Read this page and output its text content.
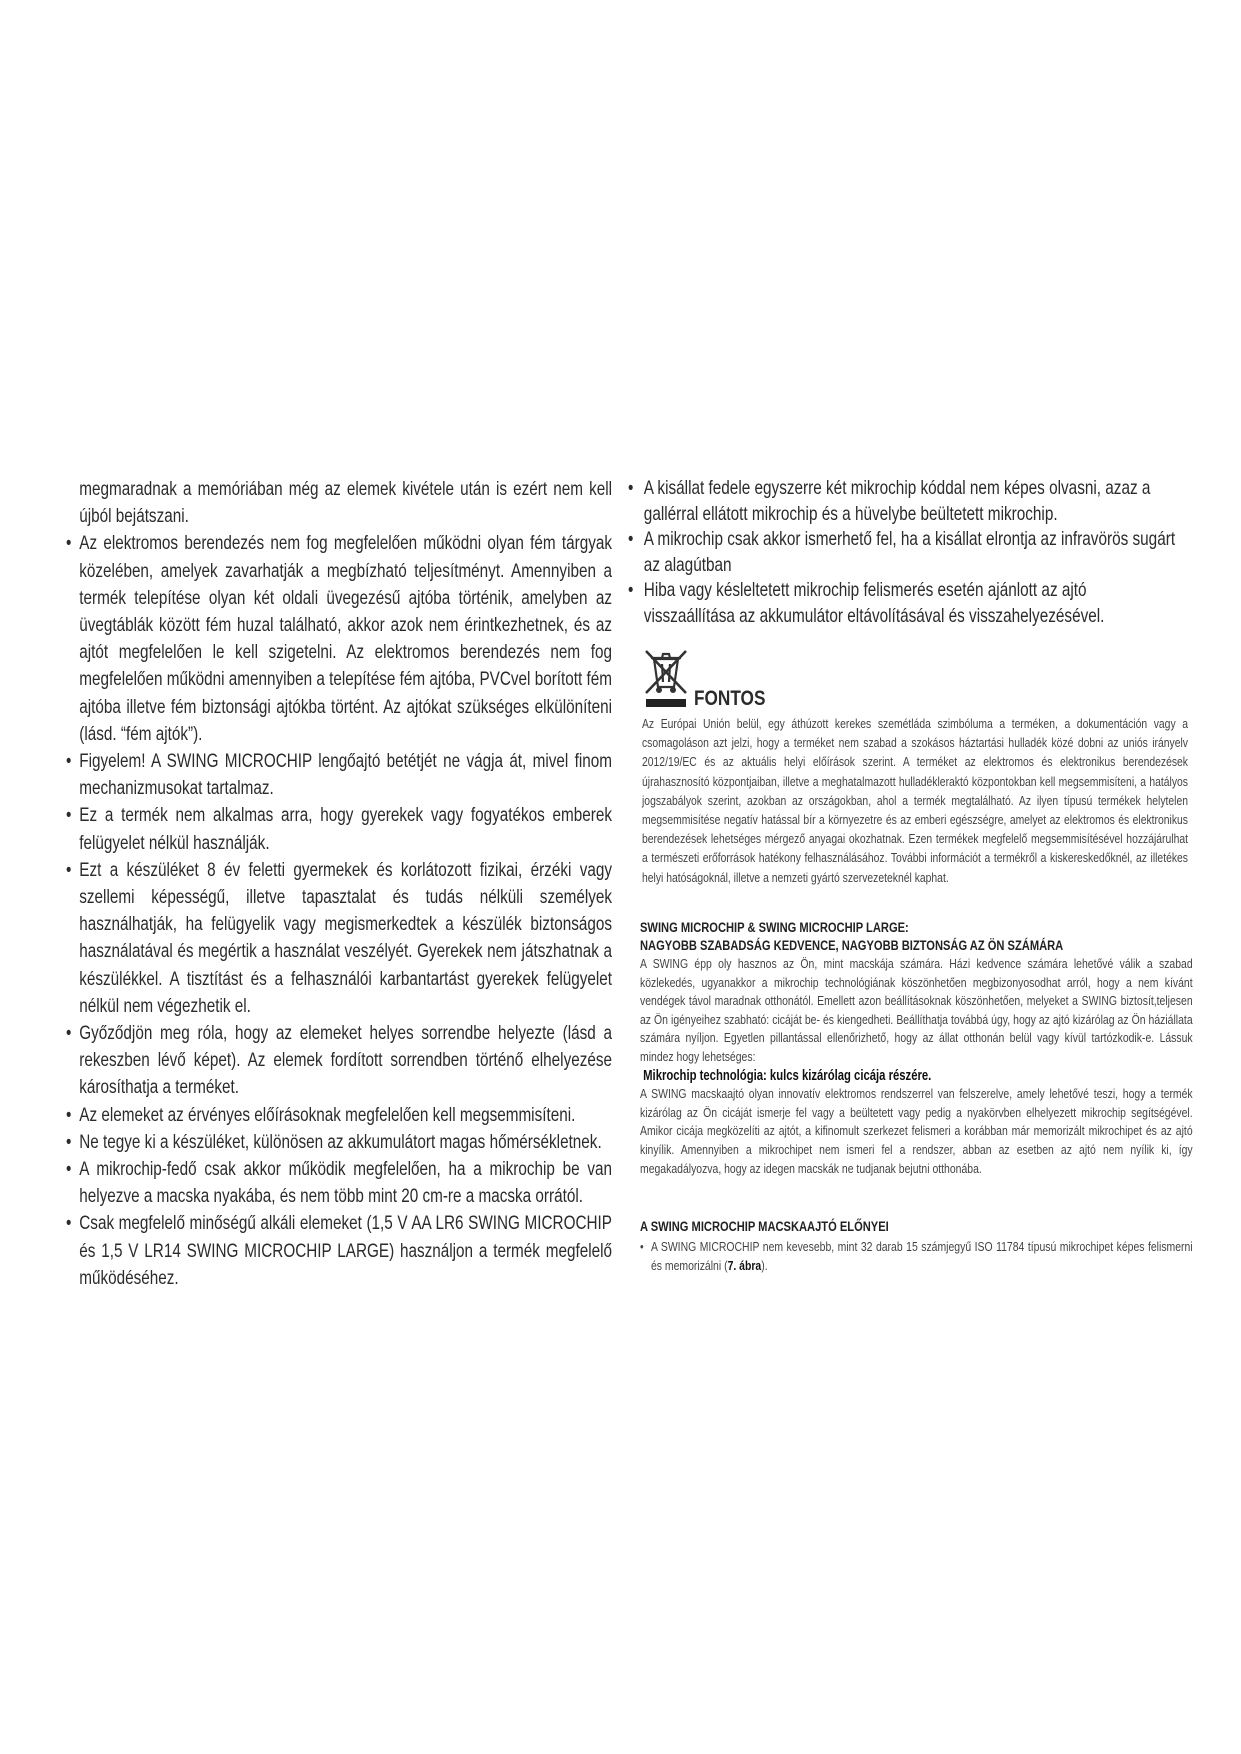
megmaradnak a memóriában még az elemek kivétele után is ezért nem kell újból bejátszani.
• Az elektromos berendezés nem fog megfelelően működni olyan fém tárgyak közelében, amelyek zavarhatják a megbízható teljesítményt. Amennyiben a termék telepítése olyan két oldali üvegezésű ajtóba történik, amelyben az üvegtáblák között fém huzal található, akkor azok nem érintkezhetnek, és az ajtót megfelelően le kell szigetelni. Az elektromos berendezés nem fog megfelelően működni amennyiben a telepítése fém ajtóba, PVCvel borított fém ajtóba illetve fém biztonsági ajtókba történt. Az ajtókat szükséges elkülöníteni (lásd. “fém ajtók”).
• Figyelem! A SWING MICROCHIP lengőajtó betétjét ne vágja át, mivel finom mechanizmusokat tartalmaz.
• Ez a termék nem alkalmas arra, hogy gyerekek vagy fogyatékos emberek felügyelet nélkül használják.
• Ezt a készüléket 8 év feletti gyermekek és korlátozott fizikai, érzéki vagy szellemi képességű, illetve tapasztalat és tudás nélküli személyek használhatják, ha felügyelik vagy megismerkedtek a készülék biztonságos használatával és megértik a használat veszélyét. Gyerekek nem játszhatnak a készülékkel. A tisztítást és a felhasználói karbantartást gyerekek felügyelet nélkül nem végezhetik el.
• Győződjön meg róla, hogy az elemeket helyes sorrendbe helyezte (lásd a rekeszben lévő képet). Az elemek fordított sorrendben történő elhelyezése károsíthatja a terméket.
• Az elemeket az érvényes előírásoknak megfelelően kell megsemmisíteni.
• Ne tegye ki a készüléket, különösen az akkumulátort magas hőmérsékletnek.
• A mikrochip-fedő csak akkor működik megfelelően, ha a mikrochip be van helyezve a macska nyakába, és nem több mint 20 cm-re a macska orrától.
• Csak megfelelő minőségű alkáli elemeket (1,5 V AA LR6 SWING MICROCHIP és 1,5 V LR14 SWING MICROCHIP LARGE) használjon a termék megfelelő működéséhez.
• A kisállat fedele egyszerre két mikrochip kóddal nem képes olvasni, azaz a gallérral ellátott mikrochip és a hüvelybe beültetett mikrochip.
• A mikrochip csak akkor ismerhető fel, ha a kisállat elrontja az infravörös sugárt az alagútban
• Hiba vagy késleltetett mikrochip felismerés esetén ajánlott az ajtó visszaállítása az akkumulátor eltávolításával és visszahelyezésével.
FONTOS
Az Európai Unión belül, egy áthúzott kerekes szemétláda szimbóluma a terméken, a dokumentáción vagy a csomagoláson azt jelzi, hogy a terméket nem szabad a szokásos háztartási hulladék közé dobni az uniós irányelv 2012/19/EC és az aktuális helyi előírások szerint. A terméket az elektromos és elektronikus berendezések újrahasznosító központjaiban, illetve a meghatalmazott hulladékleraktó központokban kell megsemmisíteni, a hatályos jogszabályok szerint, azokban az országokban, ahol a termék megtalálható. Az ilyen típusú termékek helytelen megsemmisítése negatív hatással bír a környezetre és az emberi egészségre, amelyet az elektromos és elektronikus berendezések lehetséges mérgező anyagai okozhatnak. Ezen termékek megfelelő megsemmisítésével hozzájárulhat a természeti erőforrások hatékony felhasználásához. További információt a termékről a kiskereskedőknél, az illetékes helyi hatóságoknál, illetve a nemzeti gyártó szervezeteknél kaphat.
SWING MICROCHIP & SWING MICROCHIP LARGE:
NAGYOBB SZABADSÁG KEDVENCE, NAGYOBB BIZTONSÁG AZ ÖN SZÁMÁRA

A SWING épp oly hasznos az Ön, mint macskája számára. Házi kedvence számára lehetővé válik a szabad közlekedés, ugyanakkor a mikrochip technológiának köszönhetően megbizonyosodhat arról, hogy a nem kívánt vendégek távol maradnak otthonától. Emellett azon beállításoknak köszönhetően, melyeket a SWING biztosít,teljesen az Ön igényeihez szabható: cicáját be- és kiengedheti. Beállíthatja továbbá úgy, hogy az ajtó kizárólag az Ön háziállata számára nyíljon. Egyetlen pillantással ellenőrizhető, hogy az állat otthonán belül vagy kívül tartózkodik-e. Lássuk mindez hogy lehetséges:

Mikrochip technológia: kulcs kizárólag cicája részére.

A SWING macskaajtó olyan innovatív elektromos rendszerrel van felszerelve, amely lehetővé teszi, hogy a termék kizárólag az Ön cicáját ismerje fel vagy a beültetett vagy pedig a nyakörvben elhelyezett mikrochip segítségével. Amikor cicája megközelíti az ajtót, a kifinomult szerkezet felismeri a korábban már memorizált mikrochipet és az ajtó kinyílik. Amennyiben a mikrochipet nem ismeri fel a rendszer, abban az esetben az ajtó nem nyílik ki, így megakadályozva, hogy az idegen macskák ne tudjanak bejutni otthonába.

A SWING MICROCHIP MACSKAAJTÓ ELŐNYEI
• A SWING MICROCHIP nem kevesebb, mint 32 darab 15 számjegyű ISO 11784 típusú mikrochipet képes felismerni és memorizálni (7. ábra).
